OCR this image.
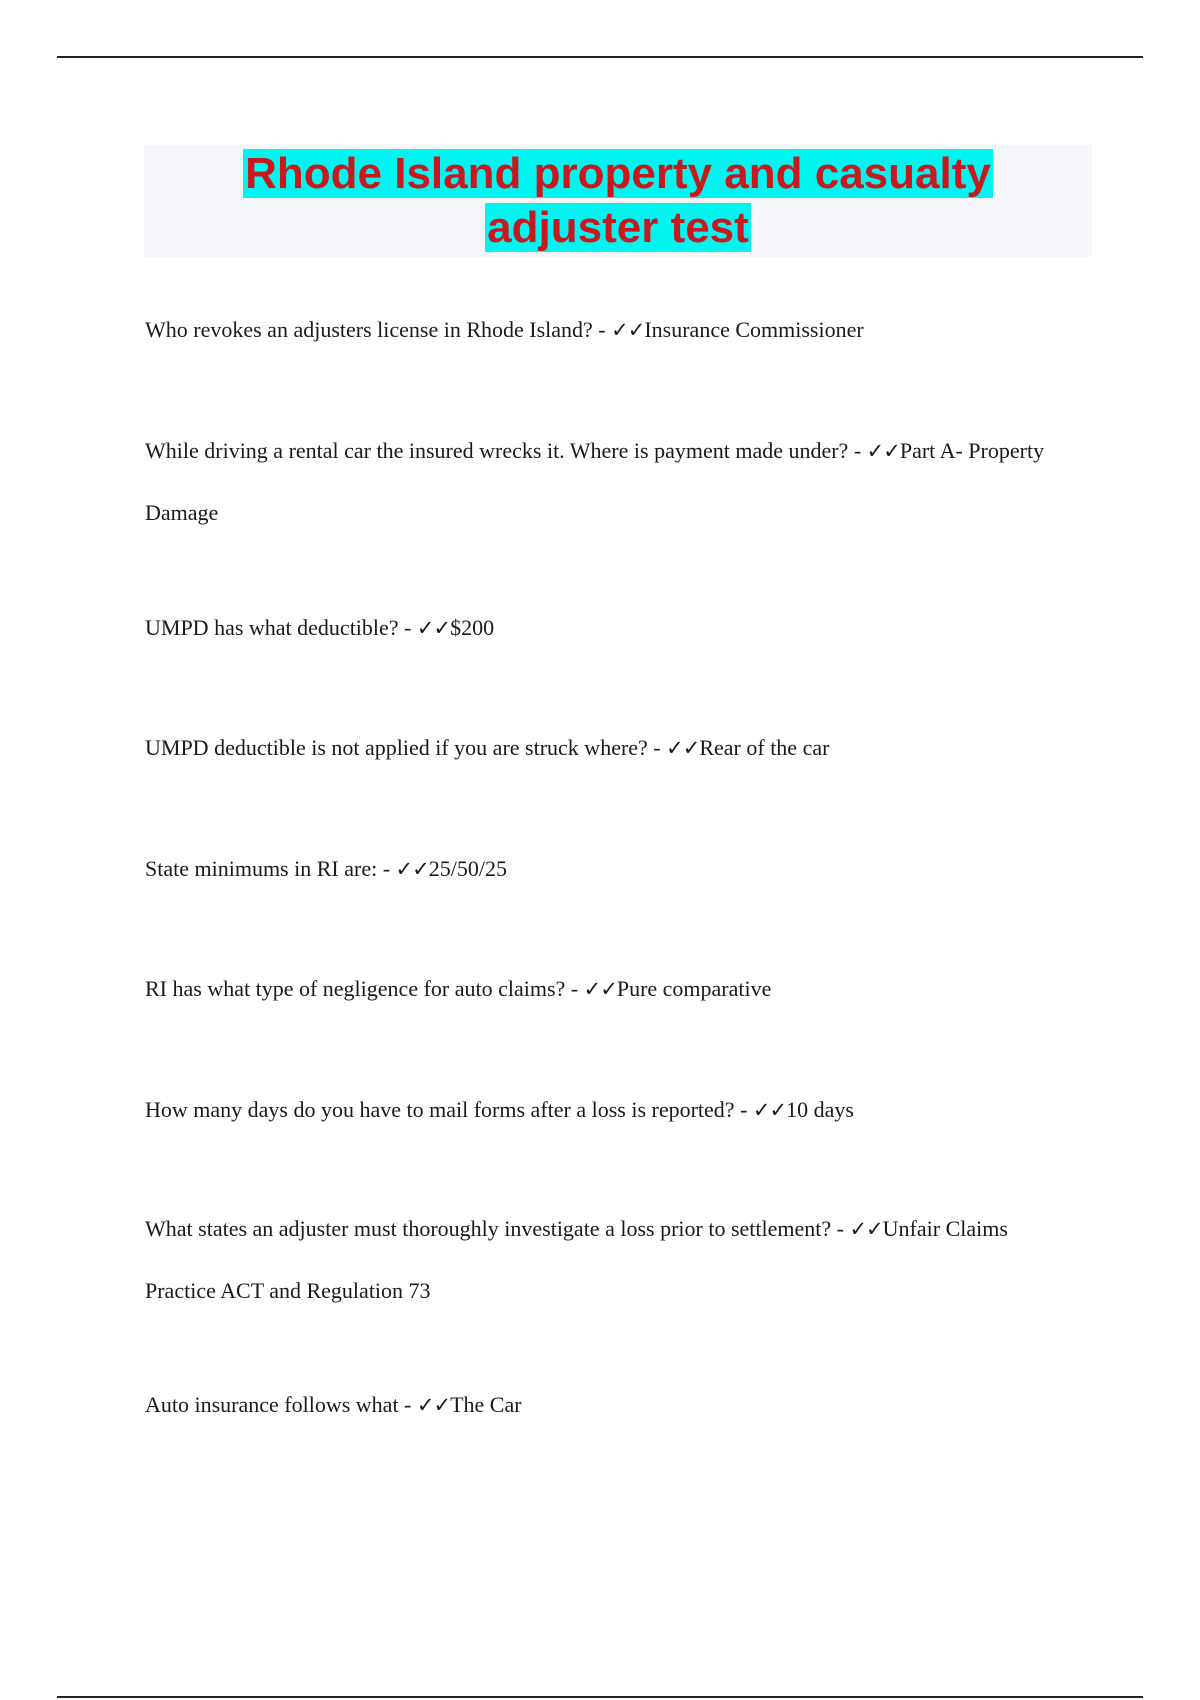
Rhode Island property and casualty
adjuster test

Who revokes an adjusters license in Rhode Island? - ✓✓Insurance Commissioner

While driving a rental car the insured wrecks it. Where is payment made under? - ✓✓Part A- Property Damage

UMPD has what deductible? - ✓✓$200

UMPD deductible is not applied if you are struck where? - ✓✓Rear of the car

State minimums in RI are: - ✓✓25/50/25

RI has what type of negligence for auto claims? - ✓✓Pure comparative

How many days do you have to mail forms after a loss is reported? - ✓✓10 days

What states an adjuster must thoroughly investigate a loss prior to settlement? - ✓✓Unfair Claims Practice ACT and Regulation 73

Auto insurance follows what - ✓✓The Car
